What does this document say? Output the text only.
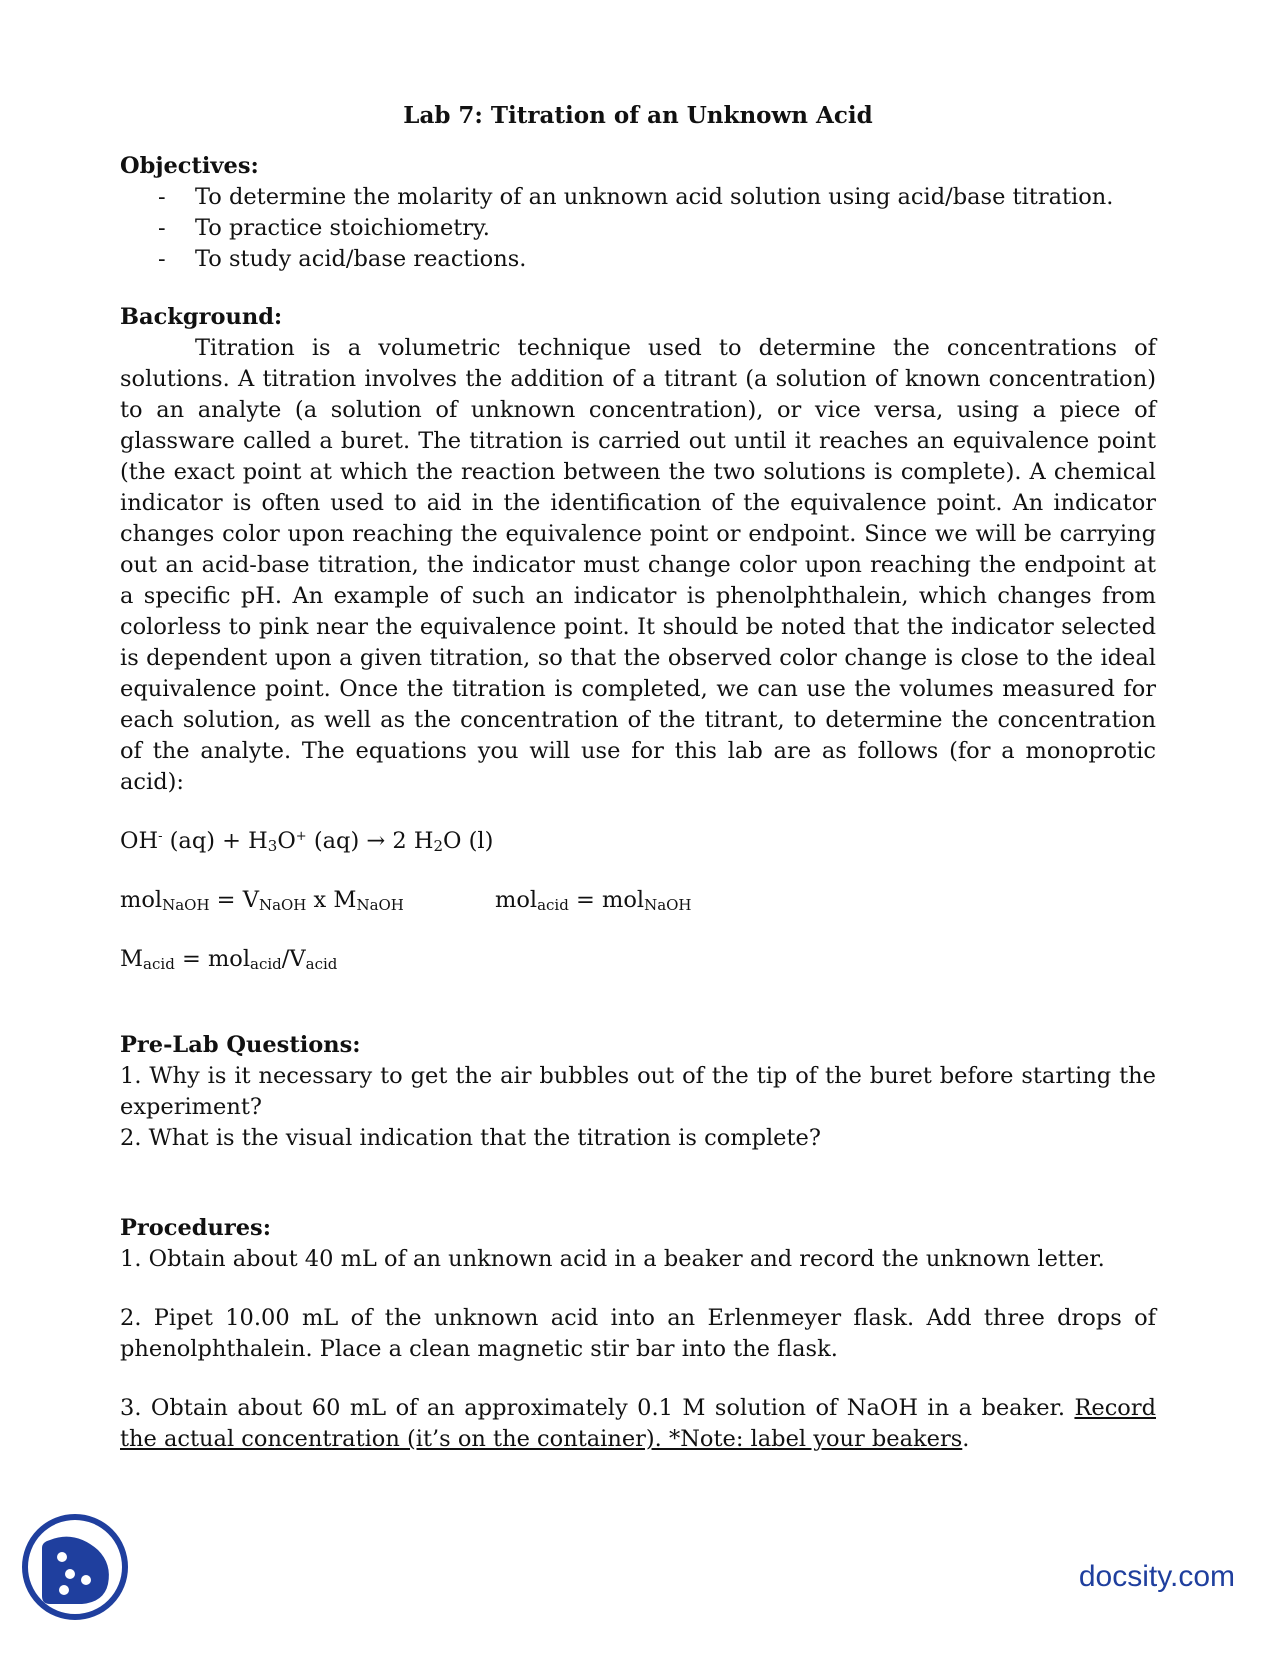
Lab 7: Titration of an Unknown Acid

Objectives:

- To determine the molarity of an unknown acid solution using acid/base titration.
- To practice stoichiometry.
- To study acid/base reactions.

Background:

Titration is a volumetric technique used to determine the concentrations of solutions. A titration involves the addition of a titrant (a solution of known concentration) to an analyte (a solution of unknown concentration), or vice versa, using a piece of glassware called a buret. The titration is carried out until it reaches an equivalence point (the exact point at which the reaction between the two solutions is complete). A chemical indicator is often used to aid in the identification of the equivalence point. An indicator changes color upon reaching the equivalence point or endpoint. Since we will be carrying out an acid-base titration, the indicator must change color upon reaching the endpoint at a specific pH. An example of such an indicator is phenolphthalein, which changes from colorless to pink near the equivalence point. It should be noted that the indicator selected is dependent upon a given titration, so that the observed color change is close to the ideal equivalence point. Once the titration is completed, we can use the volumes measured for each solution, as well as the concentration of the titrant, to determine the concentration of the analyte. The equations you will use for this lab are as follows (for a monoprotic acid):

OH- $(aq) + H_3O^+$ (aq) → 2 $H_2O$ (l)

$mol_{NaOH} = V_{NaOH}$ x $M_{NaOH}$	mol$_{acid}$ = mol$_{NaOH}$

$M_{acid} = mol_{acid}/V_{acid}$

Pre-Lab Questions:

1. Why is it necessary to get the air bubbles out of the tip of the buret before starting the experiment?

2. What is the visual indication that the titration is complete?

Procedures:

1. Obtain about 40 mL of an unknown acid in a beaker and record the unknown letter.

2. Pipet 10.00 mL of the unknown acid into an Erlenmeyer flask. Add three drops of phenolphthalein. Place a clean magnetic stir bar into the flask.

3. Obtain about 60 mL of an approximately 0.1 M solution of NaOH in a beaker. Record the actual concentration (it’s on the container). *Note: label your beakers.

docsity.com
